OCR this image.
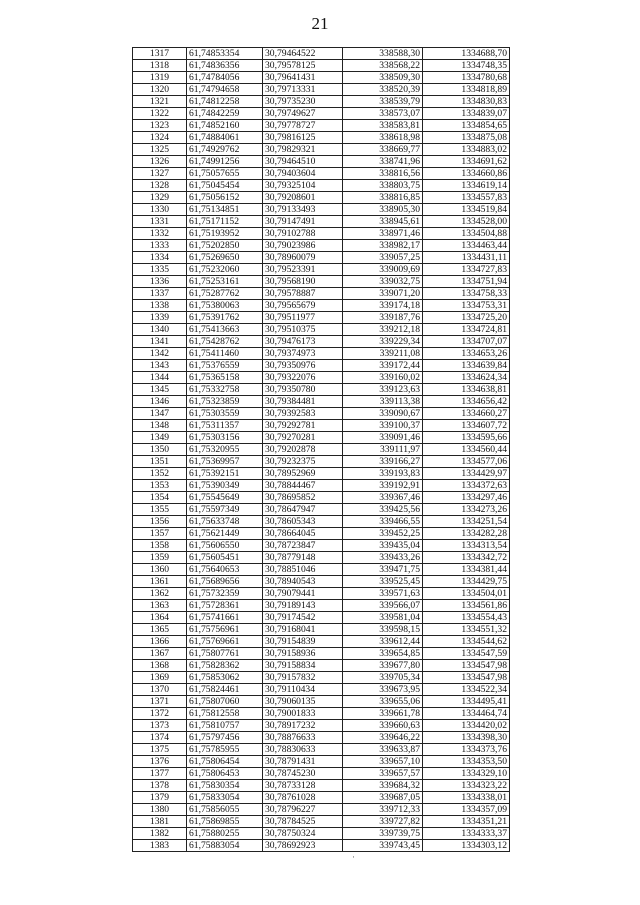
21
1317	61,74853354	30,79464522	338588,30	1334688,70
1318	61,74836356	30,79578125	338568,22	1334748,35
1319	61,74784056	30,79641431	338509,30	1334780,68
1320	61,74794658	30,79713331	338520,39	1334818,89
1321	61,74812258	30,79735230	338539,79	1334830,83
1322	61,74842259	30,79749627	338573,07	1334839,07
1323	61,74852160	30,79778727	338583,81	1334854,65
1324	61,74884061	30,79816125	338618,98	1334875,08
1325	61,74929762	30,79829321	338669,77	1334883,02
1326	61,74991256	30,79464510	338741,96	1334691,62
1327	61,75057655	30,79403604	338816,56	1334660,86
1328	61,75045454	30,79325104	338803,75	1334619,14
1329	61,75056152	30,79208601	338816,85	1334557,83
1330	61,75134851	30,79133493	338905,30	1334519,84
1331	61,75171152	30,79147491	338945,61	1334528,00
1332	61,75193952	30,79102788	338971,46	1334504,88
1333	61,75202850	30,79023986	338982,17	1334463,44
1334	61,75269650	30,78960079	339057,25	1334431,11
1335	61,75232060	30,79523391	339009,69	1334727,83
1336	61,75253161	30,79568190	339032,75	1334751,94
1337	61,75287762	30,79578887	339071,20	1334758,33
1338	61,75380063	30,79565679	339174,18	1334753,31
1339	61,75391762	30,79511977	339187,76	1334725,20
1340	61,75413663	30,79510375	339212,18	1334724,81
1341	61,75428762	30,79476173	339229,34	1334707,07
1342	61,75411460	30,79374973	339211,08	1334653,26
1343	61,75376559	30,79350976	339172,44	1334639,84
1344	61,75365158	30,79322076	339160,02	1334624,34
1345	61,75332758	30,79350780	339123,63	1334638,81
1346	61,75323859	30,79384481	339113,38	1334656,42
1347	61,75303559	30,79392583	339090,67	1334660,27
1348	61,75311357	30,79292781	339100,37	1334607,72
1349	61,75303156	30,79270281	339091,46	1334595,66
1350	61,75320955	30,79202878	339111,97	1334560,44
1351	61,75369957	30,79232375	339166,27	1334577,06
1352	61,75392151	30,78952969	339193,83	1334429,97
1353	61,75390349	30,78844467	339192,91	1334372,63
1354	61,75545649	30,78695852	339367,46	1334297,46
1355	61,75597349	30,78647947	339425,56	1334273,26
1356	61,75633748	30,78605343	339466,55	1334251,54
1357	61,75621449	30,78664045	339452,25	1334282,28
1358	61,75606550	30,78723847	339435,04	1334313,54
1359	61,75605451	30,78779148	339433,26	1334342,72
1360	61,75640653	30,78851046	339471,75	1334381,44
1361	61,75689656	30,78940543	339525,45	1334429,75
1362	61,75732359	30,79079441	339571,63	1334504,01
1363	61,75728361	30,79189143	339566,07	1334561,86
1364	61,75741661	30,79174542	339581,04	1334554,43
1365	61,75756961	30,79168041	339598,15	1334551,32
1366	61,75769661	30,79154839	339612,44	1334544,62
1367	61,75807761	30,79158936	339654,85	1334547,59
1368	61,75828362	30,79158834	339677,80	1334547,98
1369	61,75853062	30,79157832	339705,34	1334547,98
1370	61,75824461	30,79110434	339673,95	1334522,34
1371	61,75807060	30,79060135	339655,06	1334495,41
1372	61,75812558	30,79001833	339661,78	1334464,74
1373	61,75810757	30,78917232	339660,63	1334420,02
1374	61,75797456	30,78876633	339646,22	1334398,30
1375	61,75785955	30,78830633	339633,87	1334373,76
1376	61,75806454	30,78791431	339657,10	1334353,50
1377	61,75806453	30,78745230	339657,57	1334329,10
1378	61,75830354	30,78733128	339684,32	1334323,22
1379	61,75833054	30,78761028	339687,05	1334338,01
1380	61,75856055	30,78796227	339712,33	1334357,09
1381	61,75869855	30,78784525	339727,82	1334351,21
1382	61,75880255	30,78750324	339739,75	1334333,37
1383	61,75883054	30,78692923	339743,45	1334303,12
·
